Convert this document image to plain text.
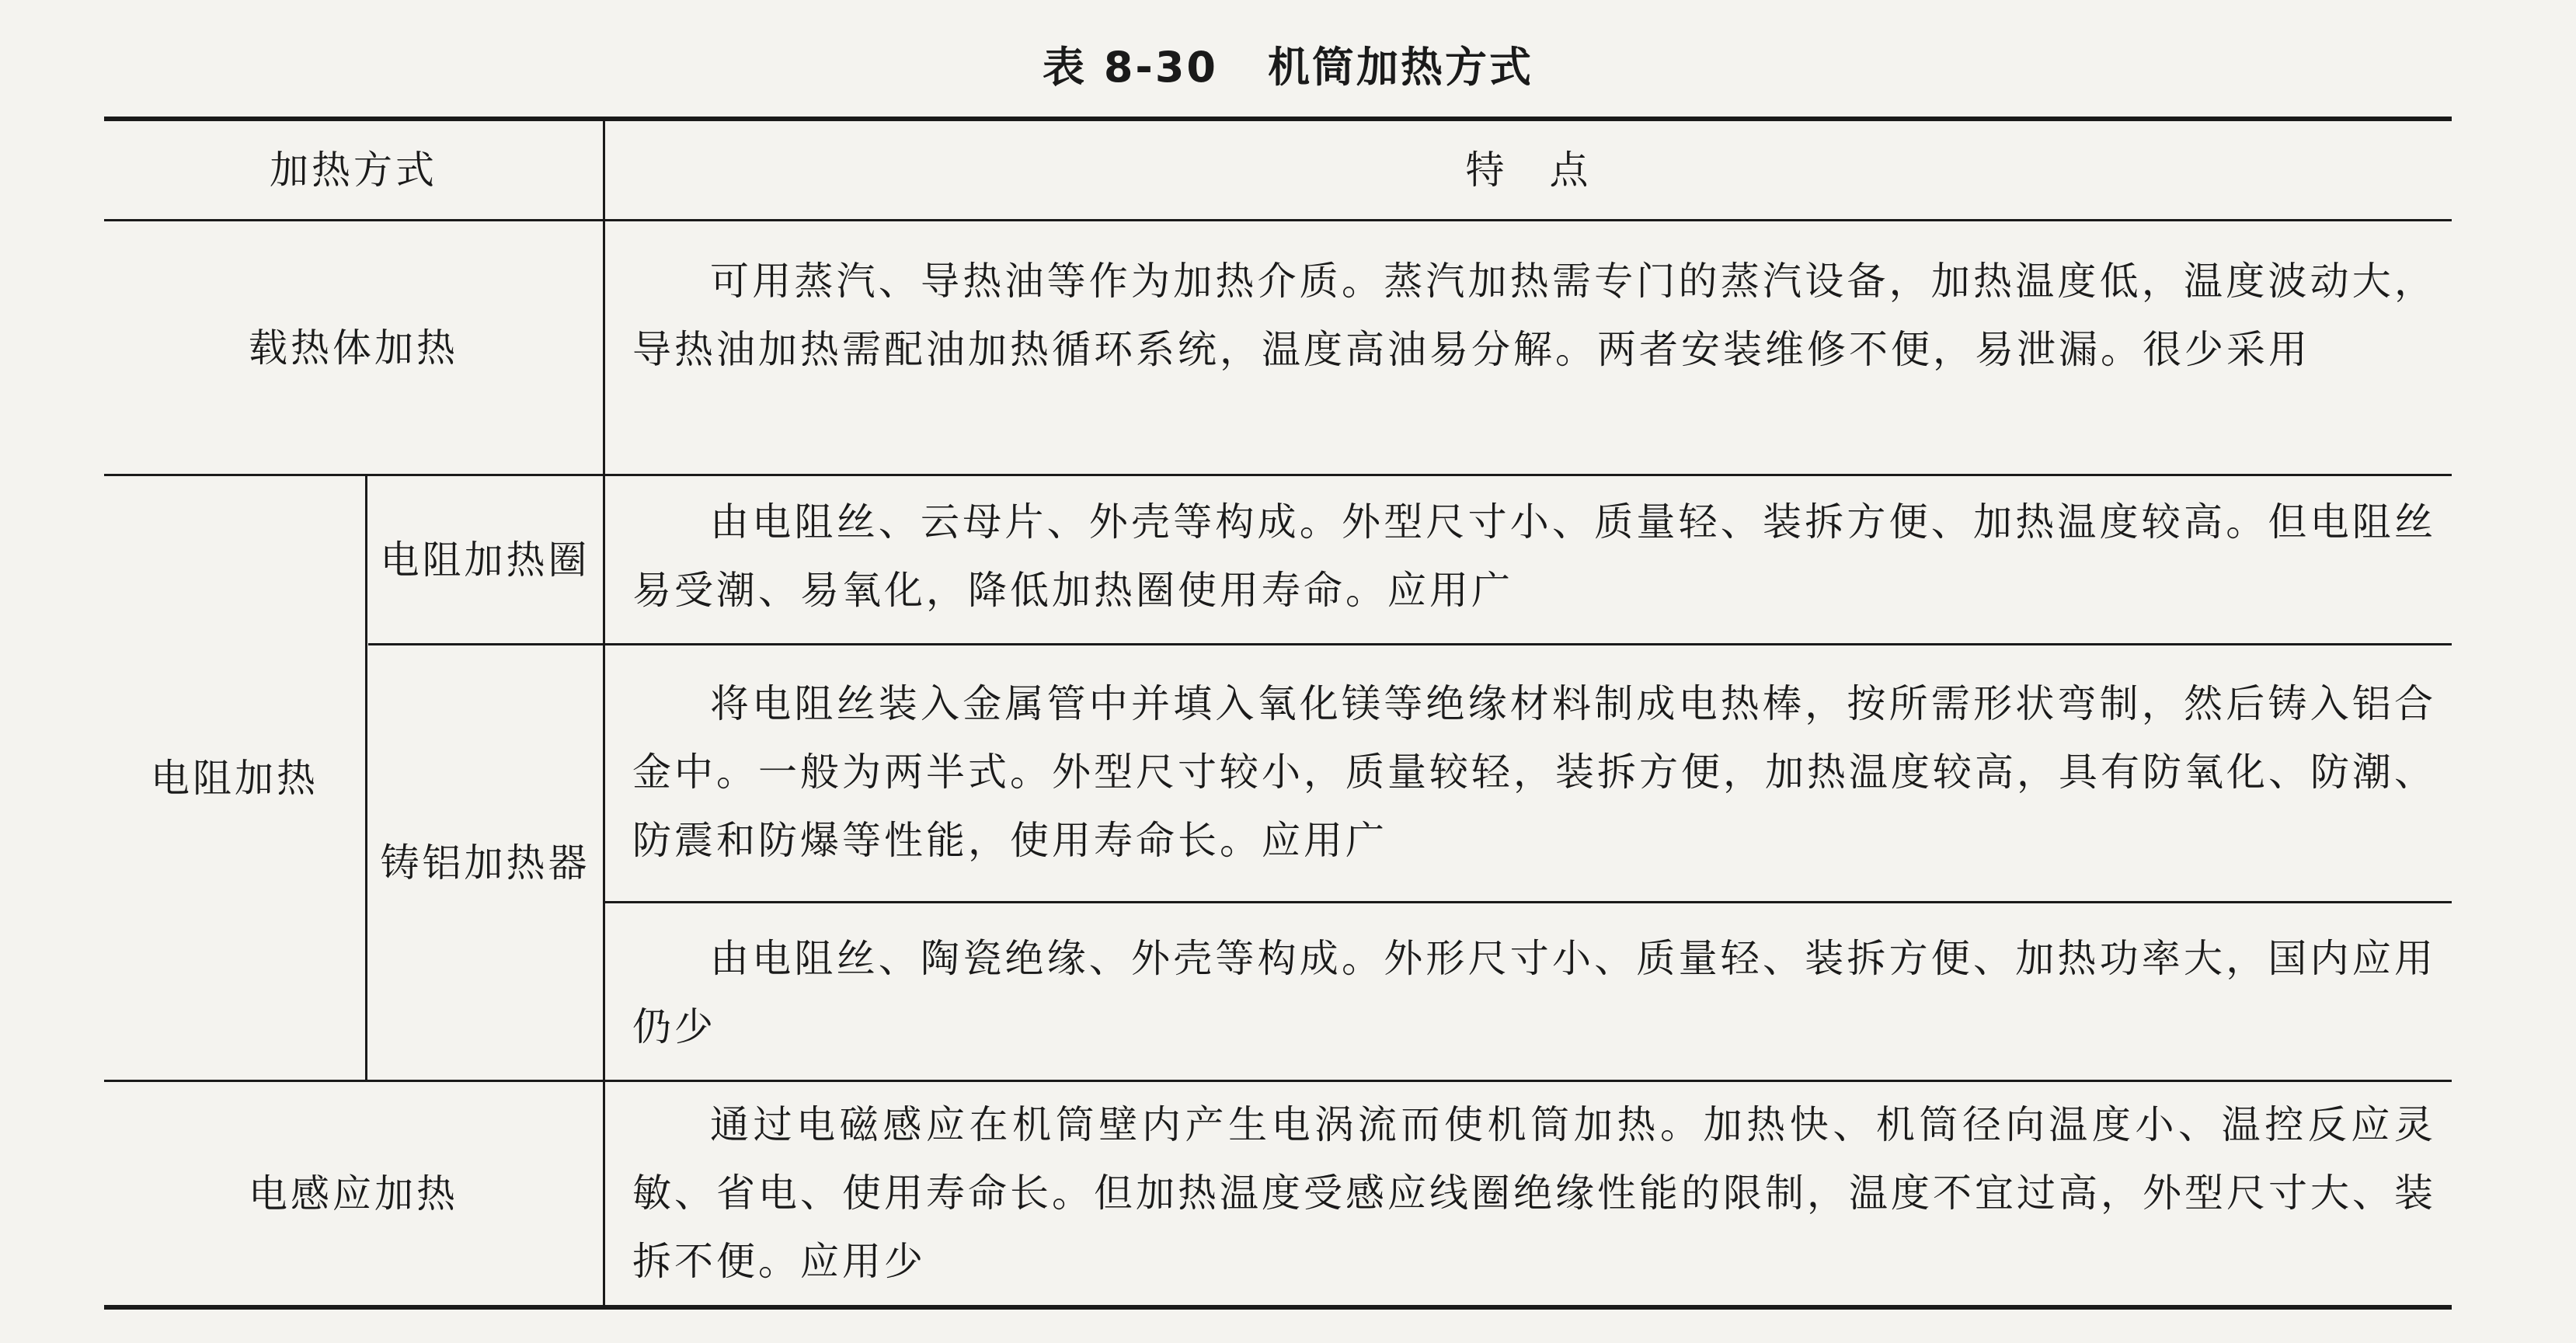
表 8-30 机筒加热方式
加热方式	特　点
载热体加热
可用蒸汽、导热油等作为加热介质。蒸汽加热需专门的蒸汽设备，加热温度低，温度波动大，导热油加热需配油加热循环系统，温度高油易分解。两者安装维修不便，易泄漏。很少采用
电阻加热
电阻加热圈
由电阻丝、云母片、外壳等构成。外型尺寸小、质量轻、装拆方便、加热温度较高。但电阻丝易受潮、易氧化，降低加热圈使用寿命。应用广
铸铝加热器
将电阻丝装入金属管中并填入氧化镁等绝缘材料制成电热棒，按所需形状弯制，然后铸入铝合金中。一般为两半式。外型尺寸较小，质量较轻，装拆方便，加热温度较高，具有防氧化、防潮、防震和防爆等性能，使用寿命长。应用广
由电阻丝、陶瓷绝缘、外壳等构成。外形尺寸小、质量轻、装拆方便、加热功率大，国内应用仍少
电感应加热
通过电磁感应在机筒壁内产生电涡流而使机筒加热。加热快、机筒径向温度小、温控反应灵敏、省电、使用寿命长。但加热温度受感应线圈绝缘性能的限制，温度不宜过高，外型尺寸大、装拆不便。应用少
